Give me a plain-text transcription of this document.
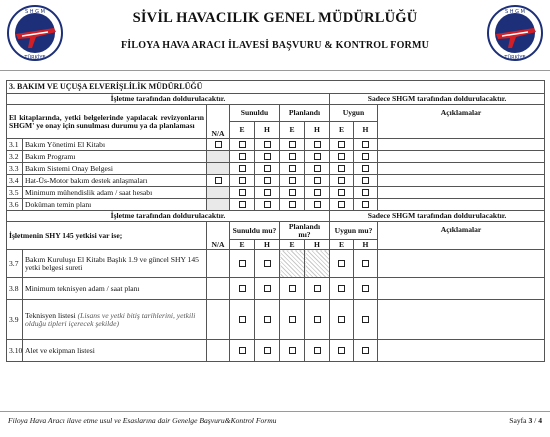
S H G M
TÜRKİYE
SİVİL HAVACILIK GENEL MÜDÜRLÜĞÜ
FİLOYA HAVA ARACI İLAVESİ BAŞVURU & KONTROL FORMU
S H G M
TÜRKİYE
3. BAKIM VE UÇUŞA ELVERİŞLİLİK MÜDÜRLÜĞÜ									
İşletme tarafından doldurulacaktır.							Sadece SHGM tarafından doldurulacaktır.		
El kitaplarında, yetki belgelerinde yapılacak revizyonların SHGM' ye onay için sunulması durumu ya da planlaması		N/A	Sunuldu		Planlandı		Uygun		Açıklamalar
			E	H	E	H	E	H	
3.1	Bakım Yönetimi El Kitabı								
3.2	Bakım Programı								
3.3	Bakım Sistemi Onay Belgesi								
3.4	Hat-Üs-Motor bakım destek anlaşmaları								
3.5	Minimum mühendislik adam / saat hesabı								
3.6	Doküman temin planı								
İşletme tarafından doldurulacaktır.							Sadece SHGM tarafından doldurulacaktır.		
İşletmenin SHY 145 yetkisi var ise;		N/A	Sunuldu mu?		Planlandı mı?		Uygun mu?		Açıklamalar
			E	H	E	H	E	H	
3.7	Bakım Kuruluşu El Kitabı Başlık 1.9 ve güncel SHY 145 yetki belgesi sureti								
3.8	Minimum teknisyen adam / saat planı								
3.9	Teknisyen listesi (Lisans ve yetki bitiş tarihlerini, yetkili olduğu tipleri içerecek şekilde)								
3.10	Alet ve ekipman listesi								
Filoya Hava Aracı ilave etme usul ve Esaslarına dair Genelge Başvuru&Kontrol Formu	Sayfa 3 / 4
